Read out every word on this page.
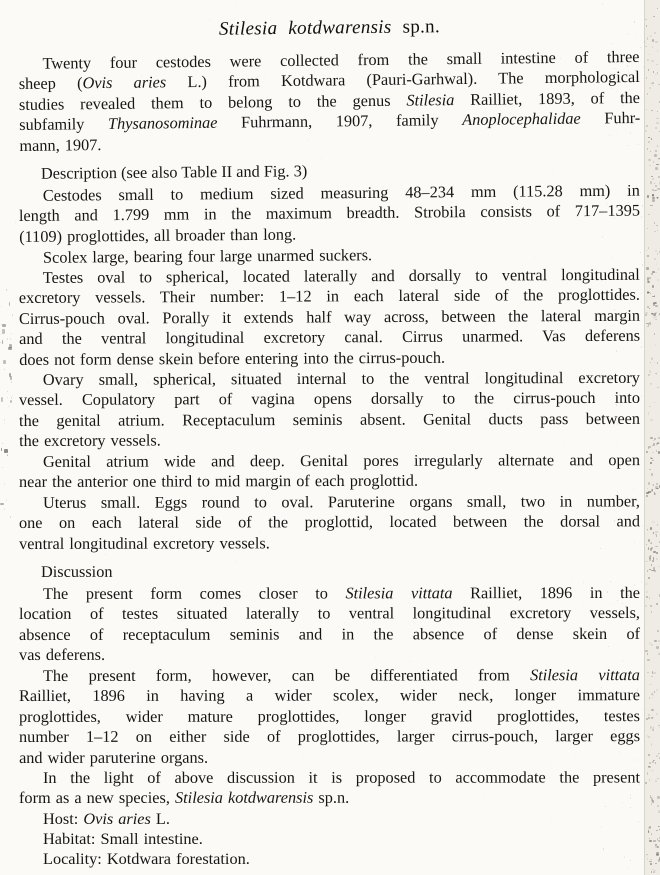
Stilesia kotdwarensis sp.n.
Twenty four cestodes were collected from the small intestine of three
sheep (Ovis aries L.) from Kotdwara (Pauri-Garhwal). The morphological
studies revealed them to belong to the genus Stilesia Railliet, 1893, of the
subfamily Thysanosominae Fuhrmann, 1907, family Anoplocephalidae Fuhr-
mann, 1907.
Description (see also Table II and Fig. 3)
Cestodes small to medium sized measuring 48–234 mm (115.28 mm) in
length and 1.799 mm in the maximum breadth. Strobila consists of 717–1395
(1109) proglottides, all broader than long.
Scolex large, bearing four large unarmed suckers.
Testes oval to spherical, located laterally and dorsally to ventral longitudinal
excretory vessels. Their number: 1–12 in each lateral side of the proglottides.
Cirrus-pouch oval. Porally it extends half way across, between the lateral margin
and the ventral longitudinal excretory canal. Cirrus unarmed. Vas deferens
does not form dense skein before entering into the cirrus-pouch.
Ovary small, spherical, situated internal to the ventral longitudinal excretory
vessel. Copulatory part of vagina opens dorsally to the cirrus-pouch into
the genital atrium. Receptaculum seminis absent. Genital ducts pass between
the excretory vessels.
Genital atrium wide and deep. Genital pores irregularly alternate and open
near the anterior one third to mid margin of each proglottid.
Uterus small. Eggs round to oval. Paruterine organs small, two in number,
one on each lateral side of the proglottid, located between the dorsal and
ventral longitudinal excretory vessels.
Discussion
The present form comes closer to Stilesia vittata Railliet, 1896 in the
location of testes situated laterally to ventral longitudinal excretory vessels,
absence of receptaculum seminis and in the absence of dense skein of
vas deferens.
The present form, however, can be differentiated from Stilesia vittata
Railliet, 1896 in having a wider scolex, wider neck, longer immature
proglottides, wider mature proglottides, longer gravid proglottides, testes
number 1–12 on either side of proglottides, larger cirrus-pouch, larger eggs
and wider paruterine organs.
In the light of above discussion it is proposed to accommodate the present
form as a new species, Stilesia kotdwarensis sp.n.
Host: Ovis aries L.
Habitat: Small intestine.
Locality: Kotdwara forestation.
